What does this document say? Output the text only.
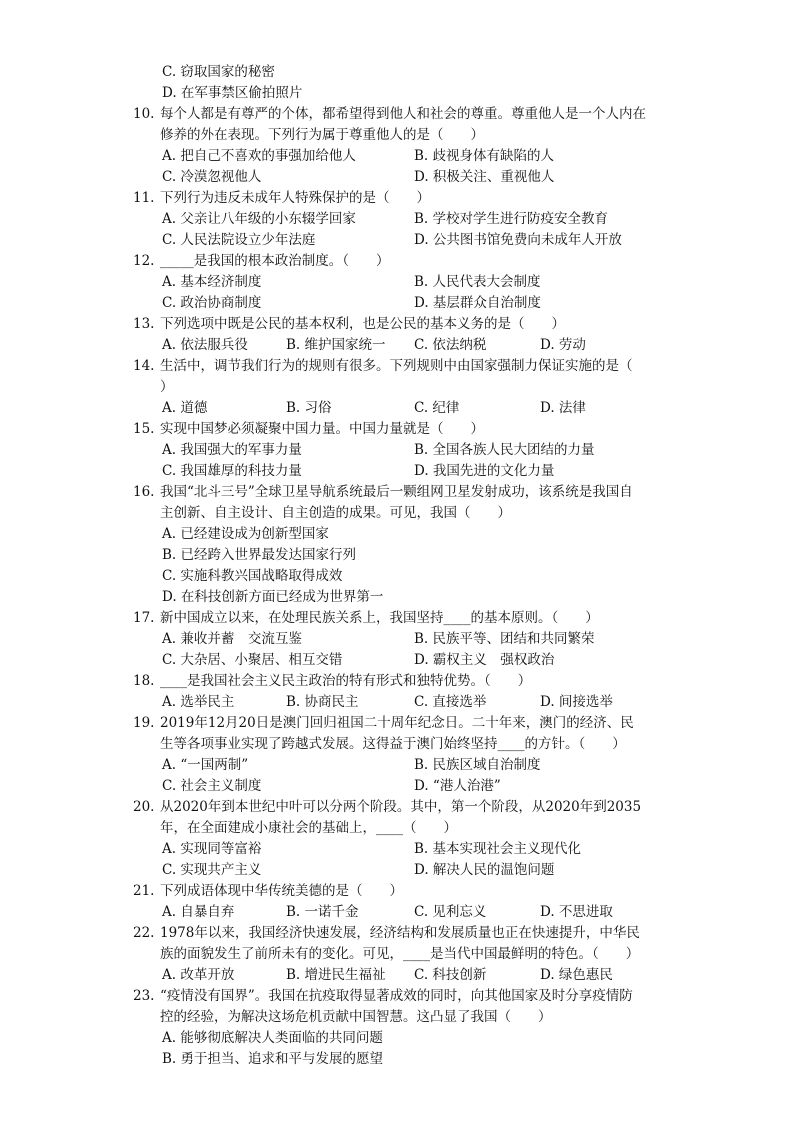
C. 窃取国家的秘密
D. 在军事禁区偷拍照片
10. 每个人都是有尊严的个体，都希望得到他人和社会的尊重。尊重他人是一个人内在
修养的外在表现。下列行为属于尊重他人的是（　　）
A. 把自己不喜欢的事强加给他人	B. 歧视身体有缺陷的人
C. 冷漠忽视他人	D. 积极关注、重视他人
11. 下列行为违反未成年人特殊保护的是（　　）
A. 父亲让八年级的小东辍学回家	B. 学校对学生进行防疫安全教育
C. 人民法院设立少年法庭	D. 公共图书馆免费向未成年人开放
12. _____是我国的根本政治制度。（　　）
A. 基本经济制度	B. 人民代表大会制度
C. 政治协商制度	D. 基层群众自治制度
13. 下列选项中既是公民的基本权利，也是公民的基本义务的是（　　）
A. 依法服兵役	B. 维护国家统一 C. 依法纳税	D. 劳动
14. 生活中，调节我们行为的规则有很多。下列规则中由国家强制力保证实施的是（
）
A. 道德	B. 习俗	C. 纪律	D. 法律
15. 实现中国梦必须凝聚中国力量。中国力量就是（　　）
A. 我国强大的军事力量	B. 全国各族人民大团结的力量
C. 我国雄厚的科技力量	D. 我国先进的文化力量
16. 我国“北斗三号”全球卫星导航系统最后一颗组网卫星发射成功，该系统是我国自
主创新、自主设计、自主创造的成果。可见，我国（　　）
A. 已经建设成为创新型国家
B. 已经跨入世界最发达国家行列
C. 实施科教兴国战略取得成效
D. 在科技创新方面已经成为世界第一
17. 新中国成立以来，在处理民族关系上，我国坚持____的基本原则。（　　）
A. 兼收并蓄　交流互鉴	B. 民族平等、团结和共同繁荣
C. 大杂居、小聚居、相互交错	D. 霸权主义　强权政治
18. ____是我国社会主义民主政治的特有形式和独特优势。（　　）
A. 选举民主	B. 协商民主	C. 直接选举	D. 间接选举
19. 2019年12月20日是澳门回归祖国二十周年纪念日。二十年来，澳门的经济、民
生等各项事业实现了跨越式发展。这得益于澳门始终坚持____的方针。（　　）
A. “一国两制”	B. 民族区域自治制度
C. 社会主义制度	D. “港人治港”
20. 从2020年到本世纪中叶可以分两个阶段。其中，第一个阶段，从2020年到2035
年，在全面建成小康社会的基础上，____（　　）
A. 实现同等富裕	B. 基本实现社会主义现代化
C. 实现共产主义	D. 解决人民的温饱问题
21. 下列成语体现中华传统美德的是（　　）
A. 自暴自弃	B. 一诺千金	C. 见利忘义	D. 不思进取
22. 1978年以来，我国经济快速发展，经济结构和发展质量也正在快速提升，中华民
族的面貌发生了前所未有的变化。可见，____是当代中国最鲜明的特色。（　　）
A. 改革开放	B. 增进民生福祉 C. 科技创新	D. 绿色惠民
23. “疫情没有国界”。我国在抗疫取得显著成效的同时，向其他国家及时分享疫情防
控的经验，为解决这场危机贡献中国智慧。这凸显了我国（　　）
A. 能够彻底解决人类面临的共同问题
B. 勇于担当、追求和平与发展的愿望
